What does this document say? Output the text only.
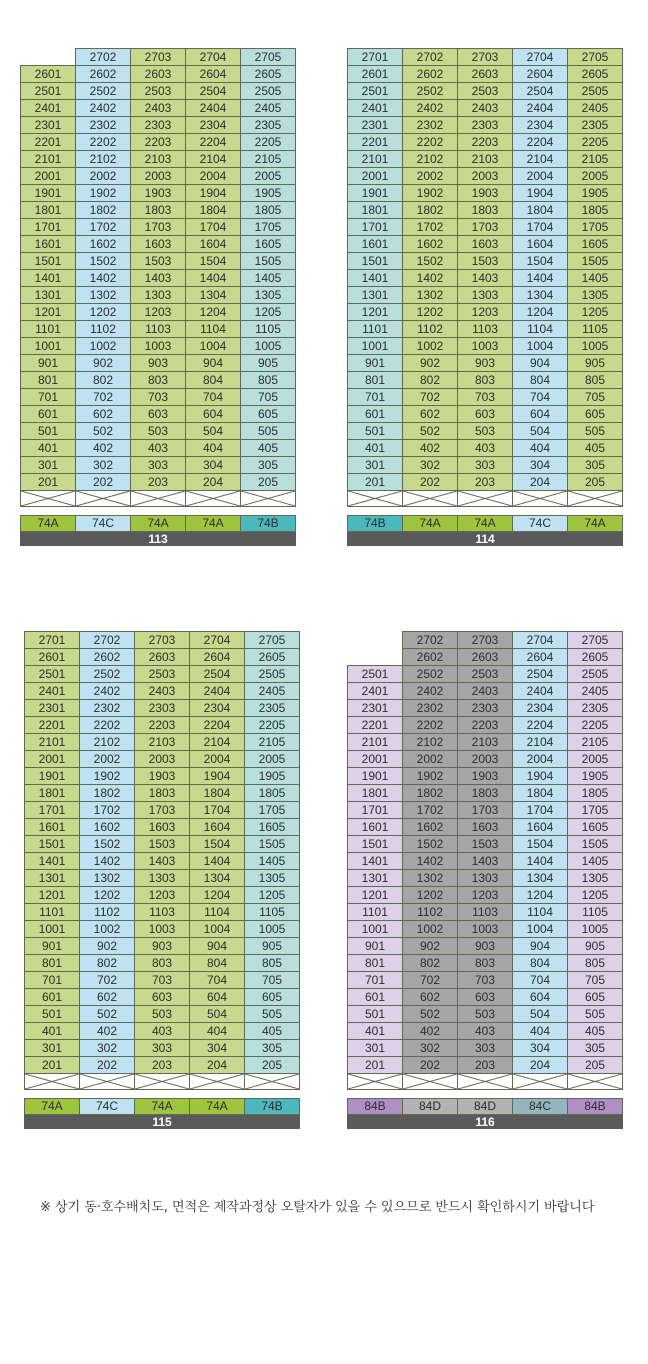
	2702	2703	2704	2705
2601	2602	2603	2604	2605
2501	2502	2503	2504	2505
2401	2402	2403	2404	2405
2301	2302	2303	2304	2305
2201	2202	2203	2204	2205
2101	2102	2103	2104	2105
2001	2002	2003	2004	2005
1901	1902	1903	1904	1905
1801	1802	1803	1804	1805
1701	1702	1703	1704	1705
1601	1602	1603	1604	1605
1501	1502	1503	1504	1505
1401	1402	1403	1404	1405
1301	1302	1303	1304	1305
1201	1202	1203	1204	1205
1101	1102	1103	1104	1105
1001	1002	1003	1004	1005
901	902	903	904	905
801	802	803	804	805
701	702	703	704	705
601	602	603	604	605
501	502	503	504	505
401	402	403	404	405
301	302	303	304	305
201	202	203	204	205

74A	74C	74A	74A	74B
113
2701	2702	2703	2704	2705
2601	2602	2603	2604	2605
2501	2502	2503	2504	2505
2401	2402	2403	2404	2405
2301	2302	2303	2304	2305
2201	2202	2203	2204	2205
2101	2102	2103	2104	2105
2001	2002	2003	2004	2005
1901	1902	1903	1904	1905
1801	1802	1803	1804	1805
1701	1702	1703	1704	1705
1601	1602	1603	1604	1605
1501	1502	1503	1504	1505
1401	1402	1403	1404	1405
1301	1302	1303	1304	1305
1201	1202	1203	1204	1205
1101	1102	1103	1104	1105
1001	1002	1003	1004	1005
901	902	903	904	905
801	802	803	804	805
701	702	703	704	705
601	602	603	604	605
501	502	503	504	505
401	402	403	404	405
301	302	303	304	305
201	202	203	204	205

74B	74A	74A	74C	74A
114
2701	2702	2703	2704	2705
2601	2602	2603	2604	2605
2501	2502	2503	2504	2505
2401	2402	2403	2404	2405
2301	2302	2303	2304	2305
2201	2202	2203	2204	2205
2101	2102	2103	2104	2105
2001	2002	2003	2004	2005
1901	1902	1903	1904	1905
1801	1802	1803	1804	1805
1701	1702	1703	1704	1705
1601	1602	1603	1604	1605
1501	1502	1503	1504	1505
1401	1402	1403	1404	1405
1301	1302	1303	1304	1305
1201	1202	1203	1204	1205
1101	1102	1103	1104	1105
1001	1002	1003	1004	1005
901	902	903	904	905
801	802	803	804	805
701	702	703	704	705
601	602	603	604	605
501	502	503	504	505
401	402	403	404	405
301	302	303	304	305
201	202	203	204	205

74A	74C	74A	74A	74B
115
	2702	2703	2704	2705
	2602	2603	2604	2605
2501	2502	2503	2504	2505
2401	2402	2403	2404	2405
2301	2302	2303	2304	2305
2201	2202	2203	2204	2205
2101	2102	2103	2104	2105
2001	2002	2003	2004	2005
1901	1902	1903	1904	1905
1801	1802	1803	1804	1805
1701	1702	1703	1704	1705
1601	1602	1603	1604	1605
1501	1502	1503	1504	1505
1401	1402	1403	1404	1405
1301	1302	1303	1304	1305
1201	1202	1203	1204	1205
1101	1102	1103	1104	1105
1001	1002	1003	1004	1005
901	902	903	904	905
801	802	803	804	805
701	702	703	704	705
601	602	603	604	605
501	502	503	504	505
401	402	403	404	405
301	302	303	304	305
201	202	203	204	205

84B	84D	84D	84C	84B
116
※ 상기 동·호수배치도, 면적은 제작과정상 오탈자가 있을 수 있으므로 반드시 확인하시기 바랍니다
